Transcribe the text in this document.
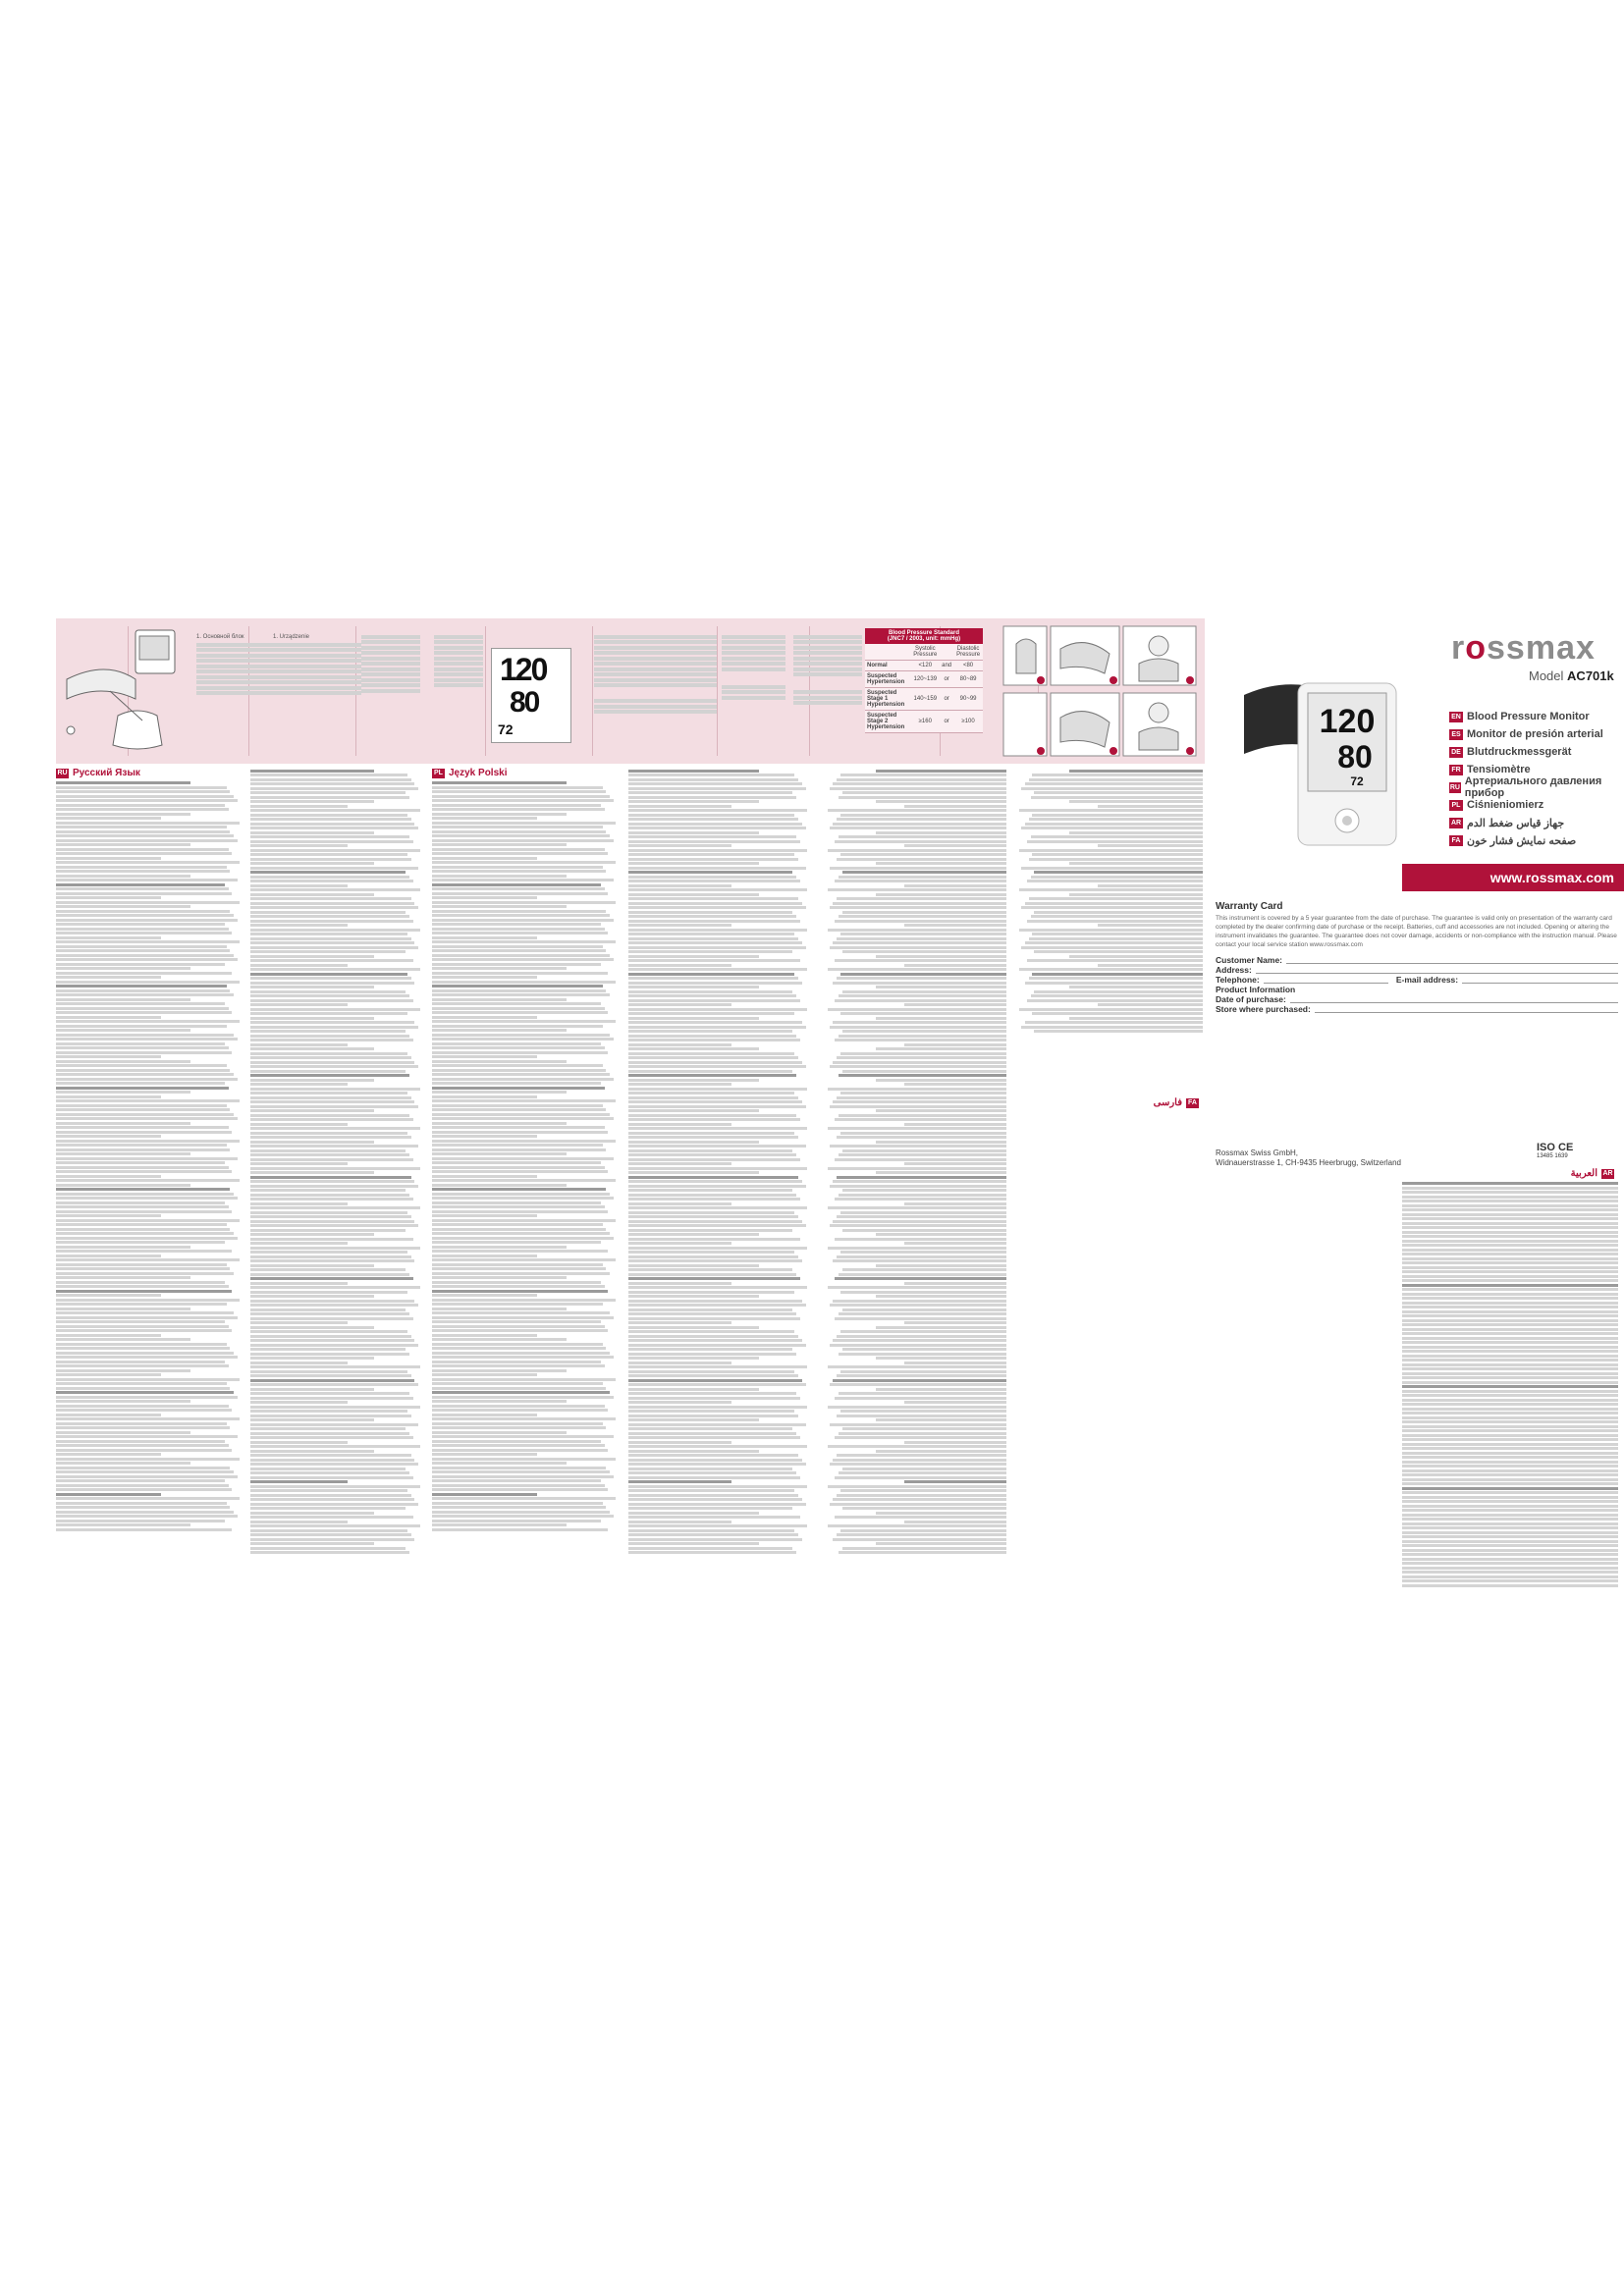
1. Основной блок	1. Urządzenie
120
80
72
Blood Pressure Standard
(JNC7 / 2003, unit: mmHg)			
	Systolic Pressure		Diastolic Pressure
Normal	<120	and	<80
Suspected Hypertension	120~139	or	80~89
Suspected Stage 1 Hypertension	140~159	or	90~99
Suspected Stage 2 Hypertension	≥160	or	≥100
RU Русский Язык	PL Język Polski
فارسی FA
العربية AR
rossmax
Model AC701k
120
80
72
EN Blood Pressure Monitor
ES Monitor de presión arterial
DE Blutdruckmessgerät
FR Tensiomètre
RU Артериального давления прибор
PL Ciśnieniomierz
AR جهاز قياس ضغط الدم
FA صفحه نمایش فشار خون
www.rossmax.com
Warranty Card
This instrument is covered by a 5 year guarantee from the date of purchase. The guarantee is valid only on presentation of the warranty card completed by the dealer confirming date of purchase or the receipt. Batteries, cuff and accessories are not included. Opening or altering the instrument invalidates the guarantee. The guarantee does not cover damage, accidents or non-compliance with the instruction manual. Please contact your local service station www.rossmax.com
Customer Name:
Address:
Telephone:	E-mail address:
Product Information
Date of purchase:
Store where purchased:
Rossmax Swiss GmbH,
Widnauerstrasse 1, CH-9435 Heerbrugg, Switzerland
ISO CE
13485 1639
